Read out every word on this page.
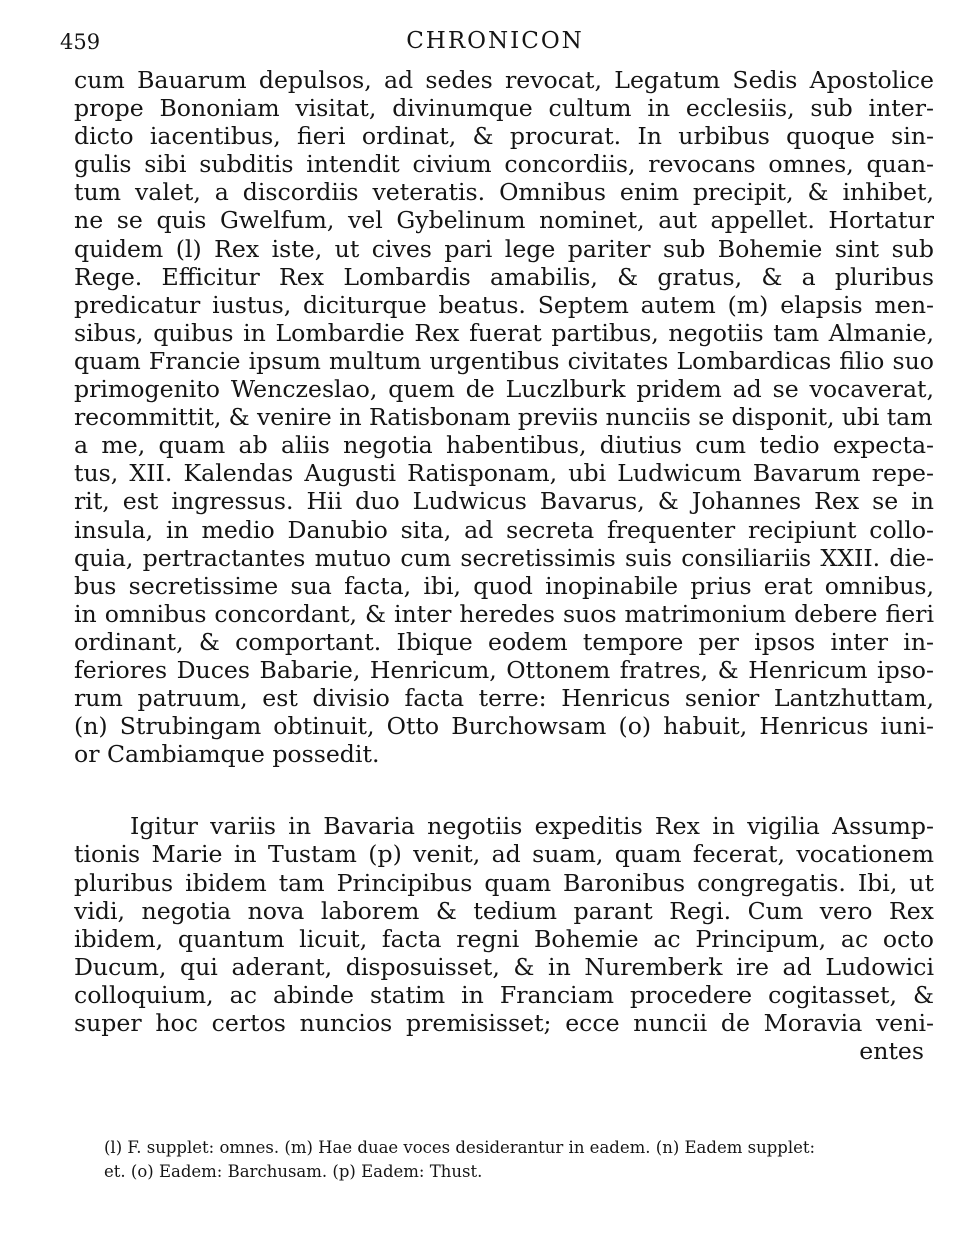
459	CHRONICON
cum Bauarum depulsos, ad sedes revocat, Legatum Sedis Apostolice
prope Bononiam visitat, divinumque cultum in ecclesiis, sub inter-
dicto iacentibus, fieri ordinat, & procurat. In urbibus quoque sin-
gulis sibi subditis intendit civium concordiis, revocans omnes, quan-
tum valet, a discordiis veteratis. Omnibus enim precipit, & inhibet,
ne se quis Gwelfum, vel Gybelinum nominet, aut appellet. Hortatur
quidem (l) Rex iste, ut cives pari lege pariter sub Bohemie sint sub
Rege. Efficitur Rex Lombardis amabilis, & gratus, & a pluribus
predicatur iustus, diciturque beatus. Septem autem (m) elapsis men-
sibus, quibus in Lombardie Rex fuerat partibus, negotiis tam Almanie,
quam Francie ipsum multum urgentibus civitates Lombardicas filio suo
primogenito Wenczeslao, quem de Luczlburk pridem ad se vocaverat,
recommittit, & venire in Ratisbonam previis nunciis se disponit, ubi tam
a me, quam ab aliis negotia habentibus, diutius cum tedio expecta-
tus, XII. Kalendas Augusti Ratisponam, ubi Ludwicum Bavarum repe-
rit, est ingressus. Hii duo Ludwicus Bavarus, & Johannes Rex se in
insula, in medio Danubio sita, ad secreta frequenter recipiunt collo-
quia, pertractantes mutuo cum secretissimis suis consiliariis XXII. die-
bus secretissime sua facta, ibi, quod inopinabile prius erat omnibus,
in omnibus concordant, & inter heredes suos matrimonium debere fieri
ordinant, & comportant. Ibique eodem tempore per ipsos inter in-
feriores Duces Babarie, Henricum, Ottonem fratres, & Henricum ipso-
rum patruum, est divisio facta terre: Henricus senior Lantzhuttam,
(n) Strubingam obtinuit, Otto Burchowsam (o) habuit, Henricus iuni-
or Cambiamque possedit.
Igitur variis in Bavaria negotiis expeditis Rex in vigilia Assump-
tionis Marie in Tustam (p) venit, ad suam, quam fecerat, vocationem
pluribus ibidem tam Principibus quam Baronibus congregatis. Ibi, ut
vidi, negotia nova laborem & tedium parant Regi. Cum vero Rex
ibidem, quantum licuit, facta regni Bohemie ac Principum, ac octo
Ducum, qui aderant, disposuisset, & in Nuremberk ire ad Ludowici
colloquium, ac abinde statim in Franciam procedere cogitasset, &
super hoc certos nuncios premisisset; ecce nuncii de Moravia veni-
entes
(l) F. supplet: omnes. (m) Hae duae voces desiderantur in eadem. (n) Eadem supplet:
et. (o) Eadem: Barchusam. (p) Eadem: Thust.
